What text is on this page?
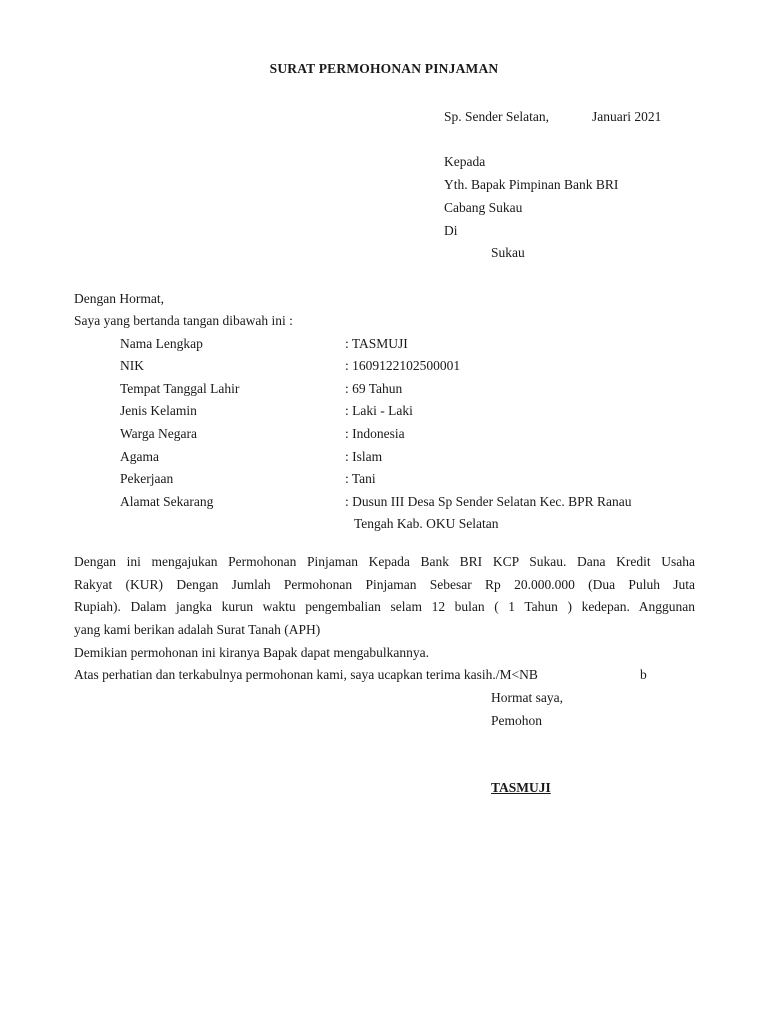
SURAT PERMOHONAN PINJAMAN
Sp. Sender Selatan,	Januari 2021
Kepada
Yth. Bapak Pimpinan Bank BRI
Cabang Sukau
Di
Sukau
Dengan Hormat,
Saya yang bertanda tangan dibawah ini :
Nama Lengkap	: TASMUJI
NIK	: 1609122102500001
Tempat Tanggal Lahir	: 69 Tahun
Jenis Kelamin	: Laki - Laki
Warga Negara	: Indonesia
Agama	: Islam
Pekerjaan	: Tani
Alamat Sekarang	: Dusun III Desa Sp Sender Selatan Kec. BPR Ranau
Tengah Kab. OKU Selatan
Dengan ini mengajukan Permohonan Pinjaman Kepada Bank BRI KCP Sukau. Dana Kredit Usaha
Rakyat (KUR) Dengan Jumlah Permohonan Pinjaman Sebesar Rp 20.000.000 (Dua Puluh Juta
Rupiah). Dalam jangka kurun waktu pengembalian selam 12 bulan ( 1 Tahun ) kedepan. Anggunan
yang kami berikan adalah Surat Tanah (APH)
Demikian permohonan ini kiranya Bapak dapat mengabulkannya.
Atas perhatian dan terkabulnya permohonan kami, saya ucapkan terima kasih./M<NB	b
Hormat saya,
Pemohon
TASMUJI
